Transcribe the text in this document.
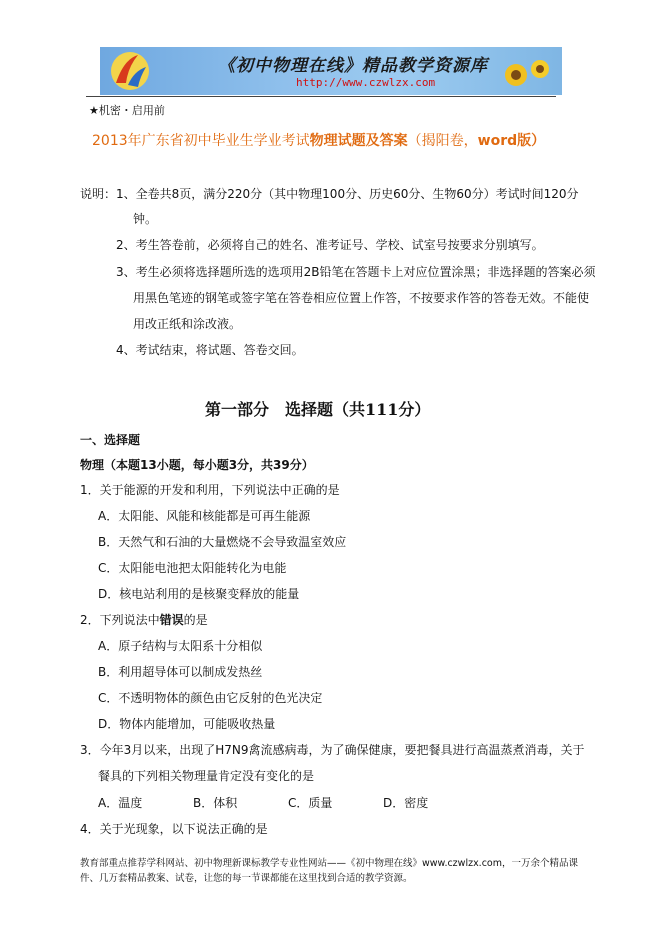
《初中物理在线》精品教学资源库
http://www.czwlzx.com
★机密・启用前
2013年广东省初中毕业生学业考试物理试题及答案（揭阳卷，word版）
说明： 1、全卷共8页，满分220分（其中物理100分、历史60分、生物60分）考试时间120分
钟。
2、考生答卷前，必须将自己的姓名、准考证号、学校、试室号按要求分别填写。
3、考生必须将选择题所选的选项用2B铅笔在答题卡上对应位置涂黑；非选择题的答案必须
用黑色笔迹的钢笔或签字笔在答卷相应位置上作答，不按要求作答的答卷无效。不能使
用改正纸和涂改液。
4、考试结束，将试题、答卷交回。
第一部分　选择题（共111分）
一、选择题
物理（本题13小题，每小题3分，共39分）
1．关于能源的开发和利用，下列说法中正确的是
A．太阳能、风能和核能都是可再生能源
B．天然气和石油的大量燃烧不会导致温室效应
C．太阳能电池把太阳能转化为电能
D．核电站利用的是核聚变释放的能量
2．下列说法中错误的是
A．原子结构与太阳系十分相似
B．利用超导体可以制成发热丝
C．不透明物体的颜色由它反射的色光决定
D．物体内能增加，可能吸收热量
3．今年3月以来，出现了H7N9禽流感病毒，为了确保健康，要把餐具进行高温蒸煮消毒，关于
餐具的下列相关物理量肯定没有变化的是
A．温度	B．体积	C．质量	D．密度
4．关于光现象，以下说法正确的是
教育部重点推荐学科网站、初中物理新课标教学专业性网站——《初中物理在线》www.czwlzx.com，一万余个精品课
件、几万套精品教案、试卷，让您的每一节课都能在这里找到合适的教学资源。
